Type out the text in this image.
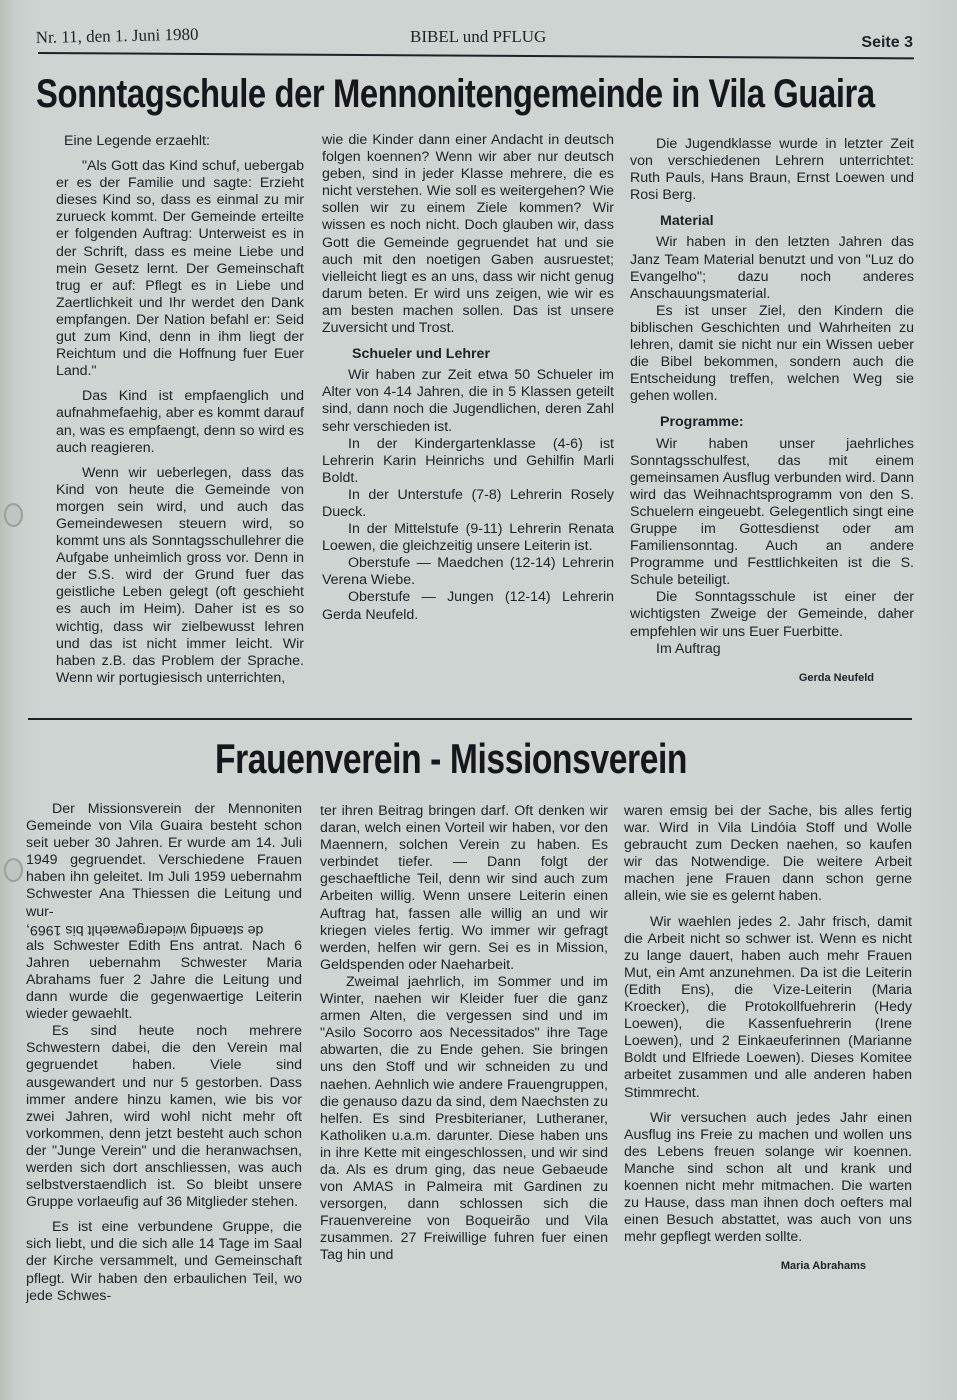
Nr. 11, den 1. Juni 1980	BIBEL und PFLUG	Seite 3
Sonntagschule der Mennonitengemeinde in Vila Guaira

Eine Legende erzaehlt:

"Als Gott das Kind schuf, uebergab er es der Familie und sagte: Erzieht dieses Kind so, dass es einmal zu mir zurueck kommt. Der Gemeinde erteilte er folgenden Auftrag: Unterweist es in der Schrift, dass es meine Liebe und mein Gesetz lernt. Der Gemeinschaft trug er auf: Pflegt es in Liebe und Zaertlichkeit und Ihr werdet den Dank empfangen. Der Nation befahl er: Seid gut zum Kind, denn in ihm liegt der Reichtum und die Hoffnung fuer Euer Land."

Das Kind ist empfaenglich und aufnahmefaehig, aber es kommt darauf an, was es empfaengt, denn so wird es auch reagieren.

Wenn wir ueberlegen, dass das Kind von heute die Gemeinde von morgen sein wird, und auch das Gemeindewesen steuern wird, so kommt uns als Sonntagsschullehrer die Aufgabe unheimlich gross vor. Denn in der S.S. wird der Grund fuer das geistliche Leben gelegt (oft geschieht es auch im Heim). Daher ist es so wichtig, dass wir zielbewusst lehren und das ist nicht immer leicht. Wir haben z.B. das Problem der Sprache. Wenn wir portugiesisch unterrichten,

wie die Kinder dann einer Andacht in deutsch folgen koennen? Wenn wir aber nur deutsch geben, sind in jeder Klasse mehrere, die es nicht verstehen. Wie soll es weitergehen? Wie sollen wir zu einem Ziele kommen? Wir wissen es noch nicht. Doch glauben wir, dass Gott die Gemeinde gegruendet hat und sie auch mit den noetigen Gaben ausruestet; vielleicht liegt es an uns, dass wir nicht genug darum beten. Er wird uns zeigen, wie wir es am besten machen sollen. Das ist unsere Zuversicht und Trost.

Schueler und Lehrer

Wir haben zur Zeit etwa 50 Schueler im Alter von 4-14 Jahren, die in 5 Klassen geteilt sind, dann noch die Jugendlichen, deren Zahl sehr verschieden ist.

In der Kindergartenklasse (4-6) ist Lehrerin Karin Heinrichs und Gehilfin Marli Boldt.

In der Unterstufe (7-8) Lehrerin Rosely Dueck.

In der Mittelstufe (9-11) Lehrerin Renata Loewen, die gleichzeitig unsere Leiterin ist.

Oberstufe — Maedchen (12-14) Lehrerin Verena Wiebe.

Oberstufe — Jungen (12-14) Lehrerin Gerda Neufeld.

Die Jugendklasse wurde in letzter Zeit von verschiedenen Lehrern unterrichtet: Ruth Pauls, Hans Braun, Ernst Loewen und Rosi Berg.

Material

Wir haben in den letzten Jahren das Janz Team Material benutzt und von "Luz do Evangelho"; dazu noch anderes Anschauungsmaterial.

Es ist unser Ziel, den Kindern die biblischen Geschichten und Wahrheiten zu lehren, damit sie nicht nur ein Wissen ueber die Bibel bekommen, sondern auch die Entscheidung treffen, welchen Weg sie gehen wollen.

Programme:

Wir haben unser jaehrliches Sonntagsschulfest, das mit einem gemeinsamen Ausflug verbunden wird. Dann wird das Weihnachtsprogramm von den S. Schuelern eingeuebt. Gelegentlich singt eine Gruppe im Gottesdienst oder am Familiensonntag. Auch an andere Programme und Festtlichkeiten ist die S. Schule beteiligt.

Die Sonntagsschule ist einer der wichtigsten Zweige der Gemeinde, daher empfehlen wir uns Euer Fuerbitte.

Im Auftrag

Gerda Neufeld
Frauenverein - Missionsverein

Der Missionsverein der Mennoniten Gemeinde von Vila Guaira besteht schon seit ueber 30 Jahren. Er wurde am 14. Juli 1949 gegruendet. Verschiedene Frauen haben ihn geleitet. Im Juli 1959 uebernahm Schwester Ana Thiessen die Leitung und wur- de staendig wiedergewaehlt bis 1969, als Schwester Edith Ens antrat. Nach 6 Jahren uebernahm Schwester Maria Abrahams fuer 2 Jahre die Leitung und dann wurde die gegenwaertige Leiterin wieder gewaehlt.

Es sind heute noch mehrere Schwestern dabei, die den Verein mal gegruendet haben. Viele sind ausgewandert und nur 5 gestorben. Dass immer andere hinzu kamen, wie bis vor zwei Jahren, wird wohl nicht mehr oft vorkommen, denn jetzt besteht auch schon der "Junge Verein" und die heranwachsen, werden sich dort anschliessen, was auch selbstverstaendlich ist. So bleibt unsere Gruppe vorlaeufig auf 36 Mitglieder stehen.

Es ist eine verbundene Gruppe, die sich liebt, und die sich alle 14 Tage im Saal der Kirche versammelt, und Gemeinschaft pflegt. Wir haben den erbaulichen Teil, wo jede Schwes-

ter ihren Beitrag bringen darf. Oft denken wir daran, welch einen Vorteil wir haben, vor den Maennern, solchen Verein zu haben. Es verbindet tiefer. — Dann folgt der geschaeftliche Teil, denn wir sind auch zum Arbeiten willig. Wenn unsere Leiterin einen Auftrag hat, fassen alle willig an und wir kriegen vieles fertig. Wo immer wir gefragt werden, helfen wir gern. Sei es in Mission, Geldspenden oder Naeharbeit.

Zweimal jaehrlich, im Sommer und im Winter, naehen wir Kleider fuer die ganz armen Alten, die vergessen sind und im "Asilo Socorro aos Necessitados" ihre Tage abwarten, die zu Ende gehen. Sie bringen uns den Stoff und wir schneiden zu und naehen. Aehnlich wie andere Frauengruppen, die genauso dazu da sind, dem Naechsten zu helfen. Es sind Presbiterianer, Lutheraner, Katholiken u.a.m. darunter. Diese haben uns in ihre Kette mit eingeschlossen, und wir sind da. Als es drum ging, das neue Gebaeude von AMAS in Palmeira mit Gardinen zu versorgen, dann schlossen sich die Frauenvereine von Boqueirão und Vila zusammen. 27 Freiwillige fuhren fuer einen Tag hin und

waren emsig bei der Sache, bis alles fertig war. Wird in Vila Lindóia Stoff und Wolle gebraucht zum Decken naehen, so kaufen wir das Notwendige. Die weitere Arbeit machen jene Frauen dann schon gerne allein, wie sie es gelernt haben.

Wir waehlen jedes 2. Jahr frisch, damit die Arbeit nicht so schwer ist. Wenn es nicht zu lange dauert, haben auch mehr Frauen Mut, ein Amt anzunehmen. Da ist die Leiterin (Edith Ens), die Vize-Leiterin (Maria Kroecker), die Protokollfuehrerin (Hedy Loewen), die Kassenfuehrerin (Irene Loewen), und 2 Einkaeuferinnen (Marianne Boldt und Elfriede Loewen). Dieses Komitee arbeitet zusammen und alle anderen haben Stimmrecht.

Wir versuchen auch jedes Jahr einen Ausflug ins Freie zu machen und wollen uns des Lebens freuen solange wir koennen. Manche sind schon alt und krank und koennen nicht mehr mitmachen. Die warten zu Hause, dass man ihnen doch oefters mal einen Besuch abstattet, was auch von uns mehr gepflegt werden sollte.

Maria Abrahams
